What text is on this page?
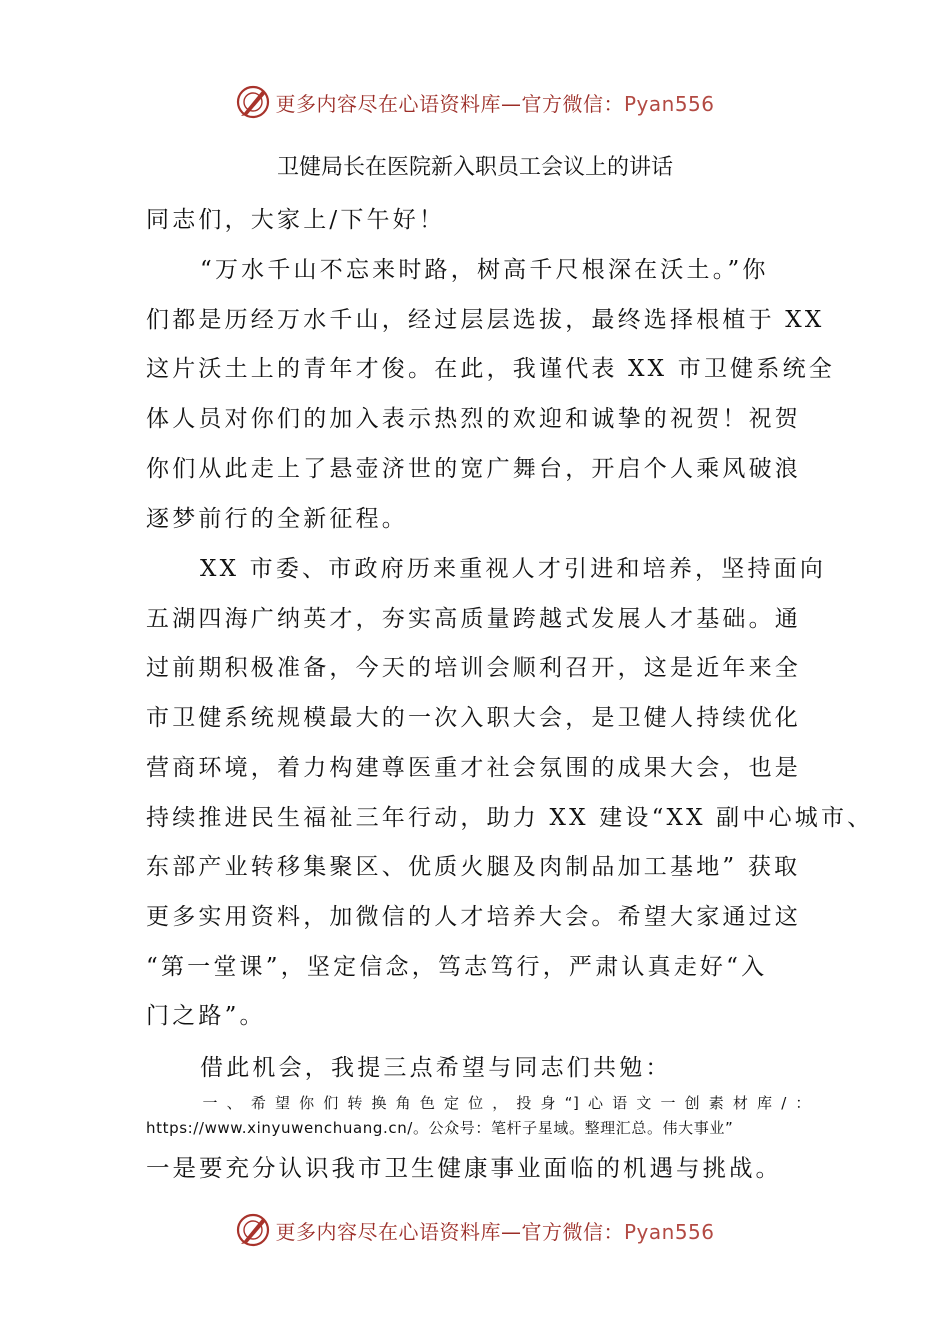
更多内容尽在心语资料库—官方微信：Pyan556
卫健局长在医院新入职员工会议上的讲话
同志们，大家上/下午好！
“万水千山不忘来时路，树高千尺根深在沃土。”你
们都是历经万水千山，经过层层选拔，最终选择根植于 XX
这片沃土上的青年才俊。在此，我谨代表 XX 市卫健系统全
体人员对你们的加入表示热烈的欢迎和诚挚的祝贺！祝贺
你们从此走上了悬壶济世的宽广舞台，开启个人乘风破浪
逐梦前行的全新征程。
XX 市委、市政府历来重视人才引进和培养，坚持面向
五湖四海广纳英才，夯实高质量跨越式发展人才基础。通
过前期积极准备，今天的培训会顺利召开，这是近年来全
市卫健系统规模最大的一次入职大会，是卫健人持续优化
营商环境，着力构建尊医重才社会氛围的成果大会，也是
持续推进民生福祉三年行动，助力 XX 建设“XX 副中心城市、
东部产业转移集聚区、优质火腿及肉制品加工基地” 获取
更多实用资料，加微信的人才培养大会。希望大家通过这
“第一堂课”，坚定信念，笃志笃行，严肃认真走好“入
门之路”。
借此机会，我提三点希望与同志们共勉：
一、希望你们转换角色定位，投身“]心语文一创素材库/：https://www.xinyuwenchuang.cn/。公众号：笔杆子星域。整理汇总。伟大事业”
一是要充分认识我市卫生健康事业面临的机遇与挑战。
更多内容尽在心语资料库—官方微信：Pyan556
